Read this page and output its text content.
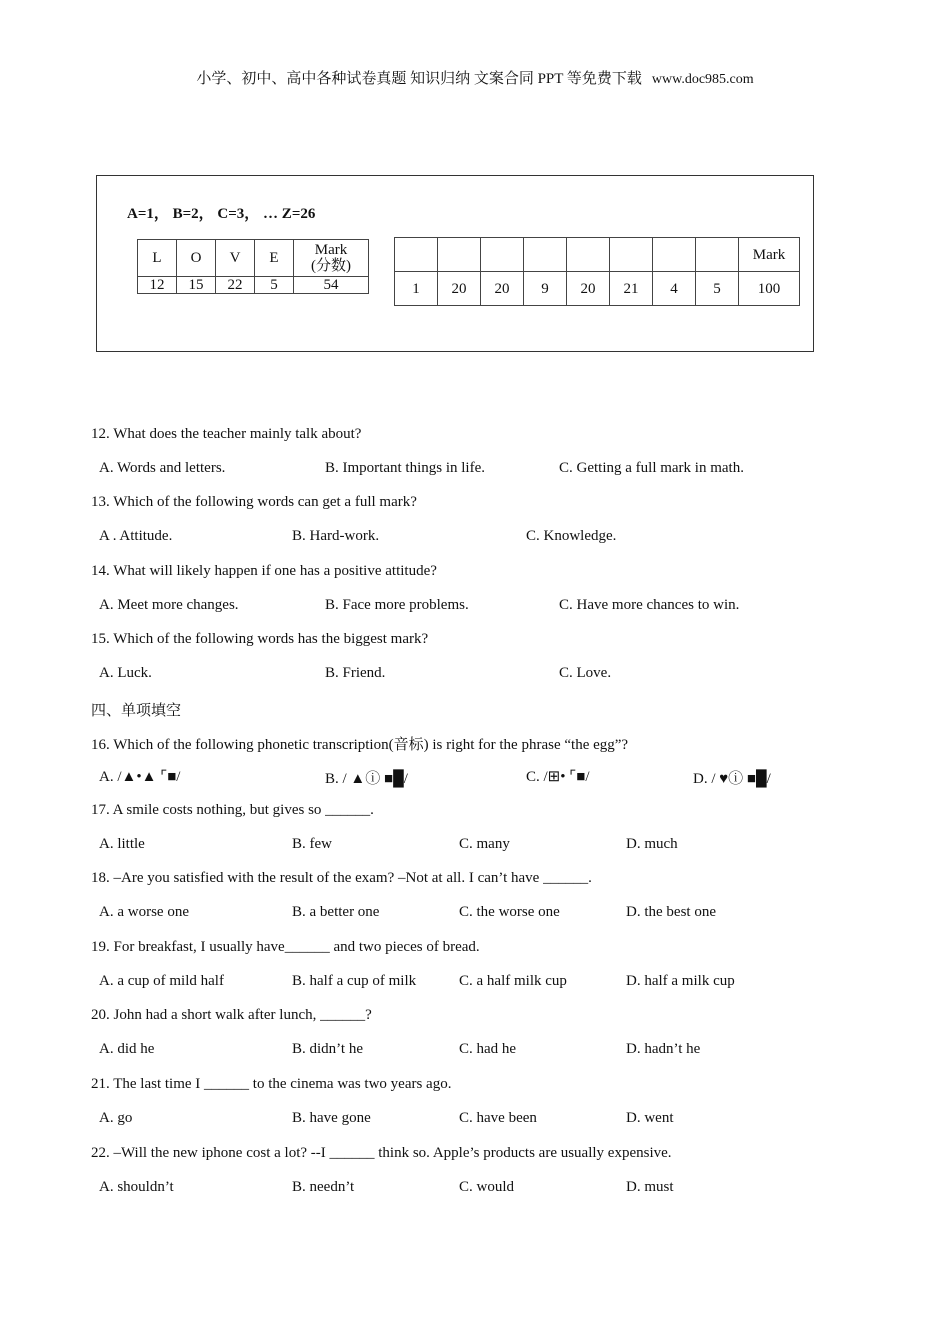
小学、初中、高中各种试卷真题 知识归纳 文案合同 PPT 等免费下载 www.doc985.com
A=1， B=2， C=3， … Z=26
L	O	V	E	Mark
(分数)
12	15	22	5	54
								Mark
1	20	20	9	20	21	4	5	100
12. What does the teacher mainly talk about?
A. Words and letters.	B. Important things in life.	C. Getting a full mark in math.
13. Which of the following words can get a full mark?
A . Attitude.	B. Hard-work.	C. Knowledge.
14. What will likely happen if one has a positive attitude?
A. Meet more changes.	B. Face more problems.	C. Have more chances to win.
15. Which of the following words has the biggest mark?
A. Luck.	B. Friend.	C. Love.
四、单项填空
16. Which of the following phonetic transcription(音标) is right for the phrase “the egg”?
A. /▲•▲ ⌜■/	B. / ▲ⓘ ■█/	C. /⊞• ⌜■/	D. / ♥ⓘ ■█/
17. A smile costs nothing, but gives so ______.
A. little	B. few	C. many	D. much
18. –Are you satisfied with the result of the exam? –Not at all. I can’t have ______.
A. a worse one	B. a better one	C. the worse one	D. the best one
19. For breakfast, I usually have______ and two pieces of bread.
A. a cup of mild half	B. half a cup of milk	C. a half milk cup	D. half a milk cup
20. John had a short walk after lunch, ______?
A. did he	B. didn’t he	C. had he	D. hadn’t he
21. The last time I ______ to the cinema was two years ago.
A. go	B. have gone	C. have been	D. went
22. –Will the new iphone cost a lot? --I ______ think so. Apple’s products are usually expensive.
A. shouldn’t	B. needn’t	C. would	D. must
